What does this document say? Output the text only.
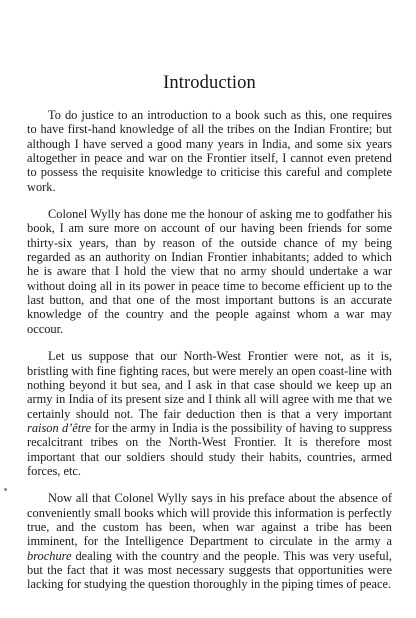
Introduction

To do justice to an introduction to a book such as this, one requires to have first-hand knowledge of all the tribes on the Indian Frontire; but although I have served a good many years in India, and some six years altogether in peace and war on the Frontier itself, I cannot even pretend to possess the requisite knowledge to criticise this careful and complete work.

Colonel Wylly has done me the honour of asking me to godfather his book, I am sure more on account of our having been friends for some thirty-six years, than by reason of the outside chance of my being regarded as an authority on Indian Frontier inhabitants; added to which he is aware that I hold the view that no army should undertake a war without doing all in its power in peace time to become efficient up to the last button, and that one of the most important buttons is an accurate knowledge of the country and the people against whom a war may occour.

Let us suppose that our North-West Frontier were not, as it is, bristling with fine fighting races, but were merely an open coast-line with nothing beyond it but sea, and I ask in that case should we keep up an army in India of its present size and I think all will agree with me that we certainly should not. The fair deduction then is that a very important raison d’être for the army in India is the possibility of having to suppress recalcitrant tribes on the North-West Frontier. It is therefore most important that our soldiers should study their habits, countries, armed forces, etc.

Now all that Colonel Wylly says in his preface about the absence of conveniently small books which will provide this information is perfectly true, and the custom has been, when war against a tribe has been imminent, for the Intelligence Department to circulate in the army a brochure dealing with the country and the people. This was very useful, but the fact that it was most necessary suggests that opportunities were lacking for studying the question thoroughly in the piping times of peace.
